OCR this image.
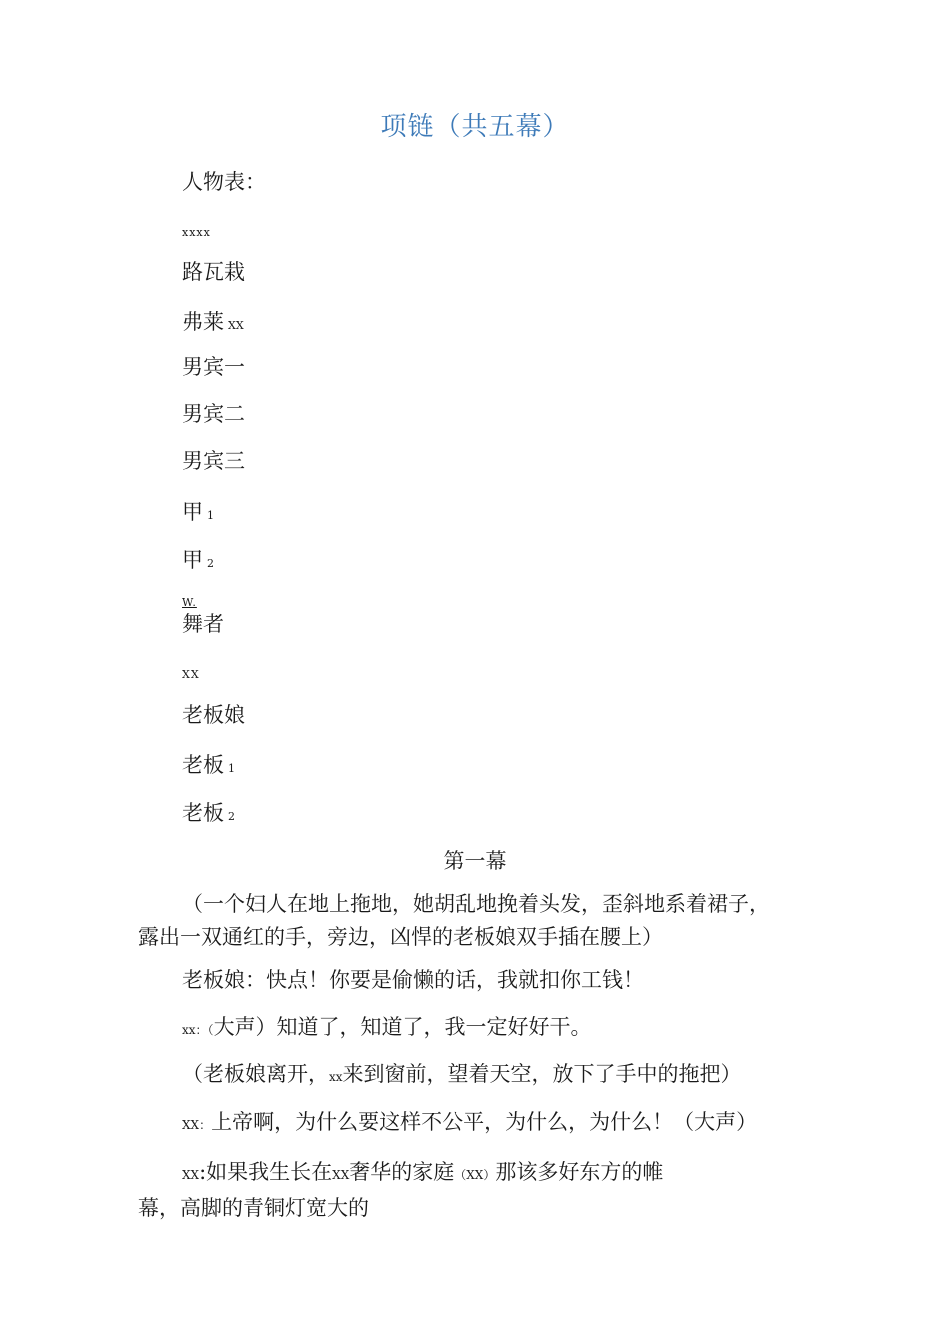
项链（共五幕）
人物表：
xxxx
路瓦栽
弗莱 XX
男宾一
男宾二
男宾三
甲 1
甲 2
W.
舞者
XX
老板娘
老板 1
老板 2
第一幕
（一个妇人在地上拖地，她胡乱地挽着头发，歪斜地系着裙子，
露出一双通红的手，旁边，凶悍的老板娘双手插在腰上）
老板娘：快点！你要是偷懒的话，我就扣你工钱！
xx：（大声）知道了，知道了，我一定好好干。
（老板娘离开，xx来到窗前，望着天空，放下了手中的拖把）
XX：上帝啊，为什么要这样不公平，为什么，为什么！（大声）
XX:如果我生长在XX奢华的家庭（XX）那该多好东方的帷
幕，高脚的青铜灯宽大的
